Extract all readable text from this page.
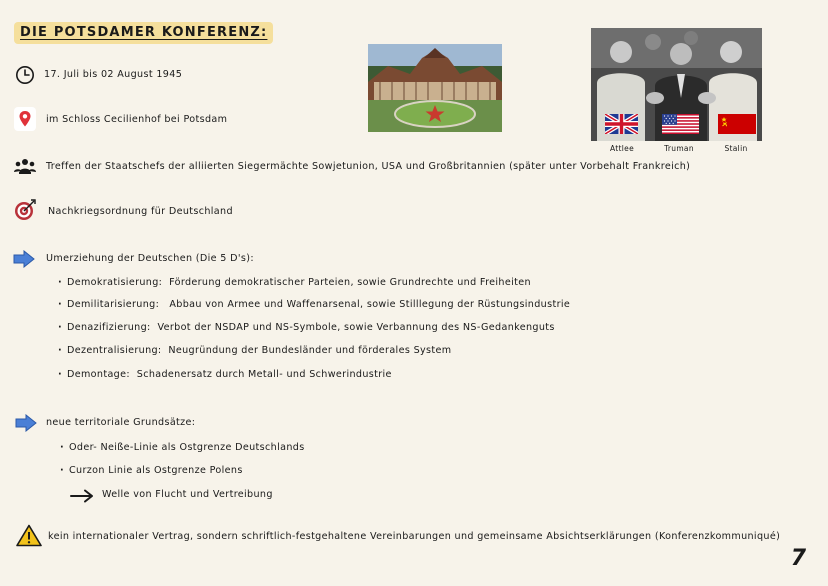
DIE POTSDAMER KONFERENZ:
17. Juli bis 02 August 1945
im Schloss Cecilienhof bei Potsdam
Treffen der Staatschefs der alliierten Siegermächte Sowjetunion, USA und Großbritannien (später unter Vorbehalt Frankreich)
Nachkriegsordnung für Deutschland
Umerziehung der Deutschen (Die 5 D's):
· Demokratisierung: Förderung demokratischer Parteien, sowie Grundrechte und Freiheiten
· Demilitarisierung: Abbau von Armee und Waffenarsenal, sowie Stilllegung der Rüstungsindustrie
· Denazifizierung: Verbot der NSDAP und NS-Symbole, sowie Verbannung des NS-Gedankenguts
· Dezentralisierung: Neugründung der Bundesländer und förderales System
· Demontage: Schadenersatz durch Metall- und Schwerindustrie
neue territoriale Grundsätze:
· Oder- Neiße-Linie als Ostgrenze Deutschlands
· Curzon Linie als Ostgrenze Polens
Welle von Flucht und Vertreibung
kein internationaler Vertrag, sondern schriftlich-festgehaltene Vereinbarungen und gemeinsame Absichtserklärungen (Konferenzkommuniqué)
Attlee	Truman	Stalin
7
